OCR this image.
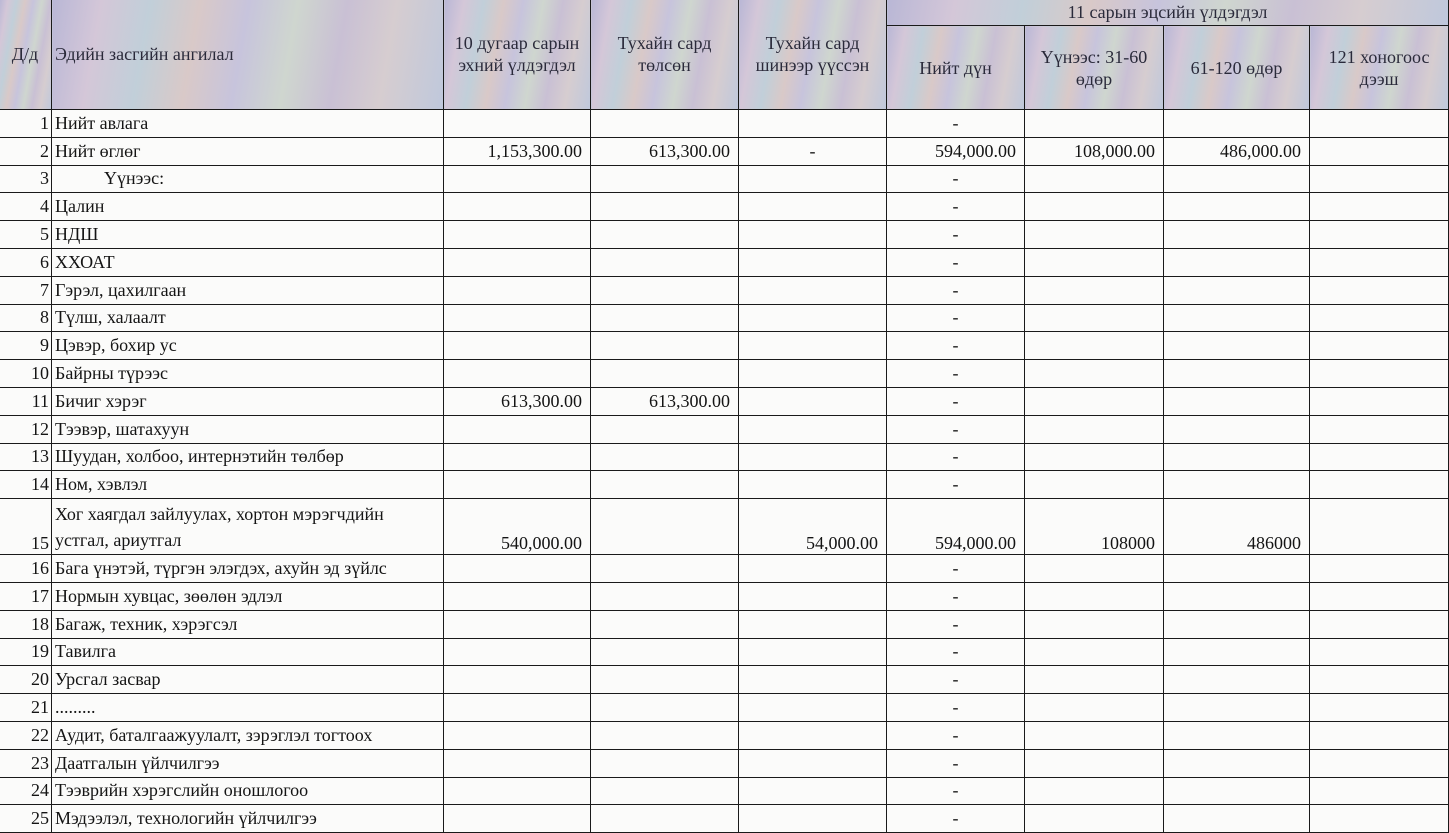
Д/д	Эдийн засгийн ангилал	10 дугаар сарын эхний үлдэгдэл	Тухайн сард төлсөн	Тухайн сард шинээр үүссэн	11 сарын эцсийн үлдэгдэл			
					Нийт дүн	Үүнээс: 31-60 өдөр	61-120 өдөр	121 хоногоос дээш
1	Нийт авлага				-			
2	Нийт өглөг	1,153,300.00	613,300.00	-	594,000.00	108,000.00	486,000.00	
3	Үүнээс:				-			
4	Цалин				-			
5	НДШ				-			
6	ХХОАТ				-			
7	Гэрэл, цахилгаан				-			
8	Түлш, халаалт				-			
9	Цэвэр, бохир ус				-			
10	Байрны түрээс				-			
11	Бичиг хэрэг	613,300.00	613,300.00		-			
12	Тээвэр, шатахуун				-			
13	Шуудан, холбоо, интернэтийн төлбөр				-			
14	Ном, хэвлэл				-			
15	Хог хаягдал зайлуулах, хортон мэрэгчдийн устгал, ариутгал	540,000.00		54,000.00	594,000.00	108000	486000	
16	Бага үнэтэй, түргэн элэгдэх, ахуйн эд зүйлс				-			
17	Нормын хувцас, зөөлөн эдлэл				-			
18	Багаж, техник, хэрэгсэл				-			
19	Тавилга				-			
20	Урсгал засвар				-			
21	.........				-			
22	Аудит, баталгаажуулалт, зэрэглэл тогтоох				-			
23	Даатгалын үйлчилгээ				-			
24	Тээврийн хэрэгслийн оношлогоо				-			
25	Мэдээлэл, технологийн үйлчилгээ				-			
